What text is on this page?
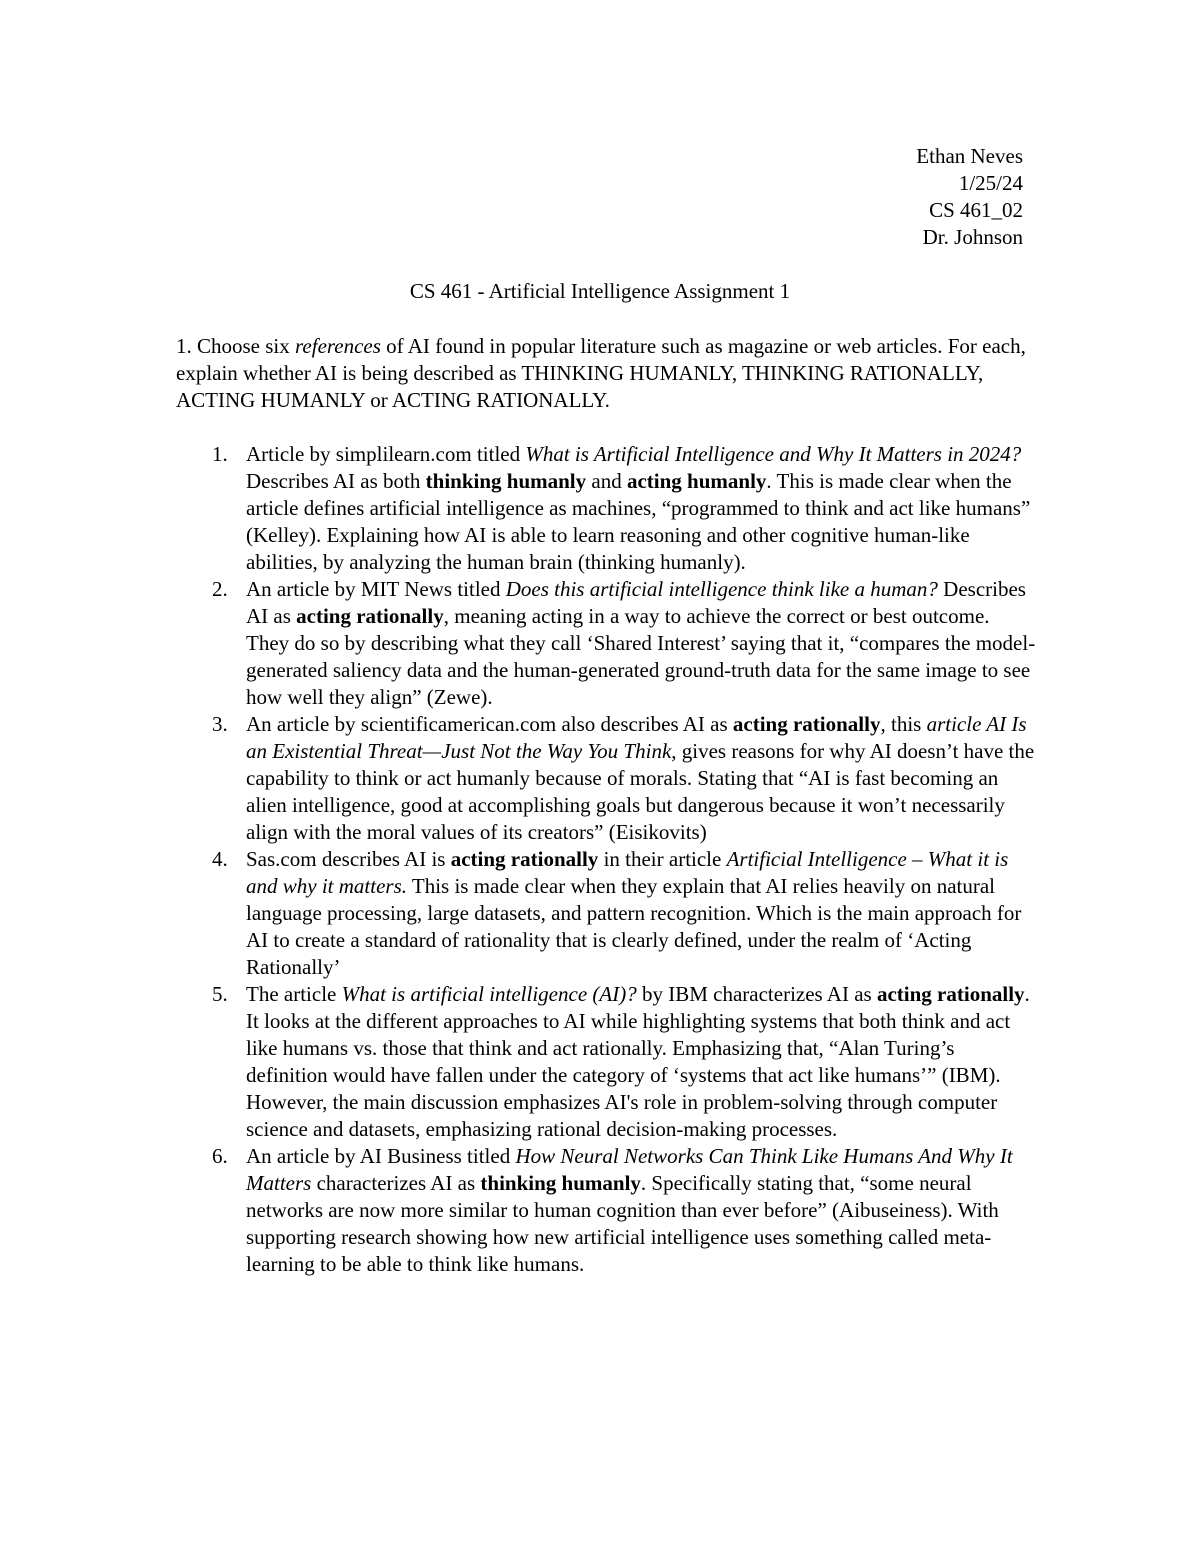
Ethan Neves
1/25/24
CS 461_02
Dr. Johnson
CS 461 - Artificial Intelligence Assignment 1

1. Choose six references of AI found in popular literature such as magazine or web articles. For each, explain whether AI is being described as THINKING HUMANLY, THINKING RATIONALLY, ACTING HUMANLY or ACTING RATIONALLY.

1. Article by simplilearn.com titled What is Artificial Intelligence and Why It Matters in 2024? Describes AI as both thinking humanly and acting humanly. This is made clear when the article defines artificial intelligence as machines, “programmed to think and act like humans” (Kelley). Explaining how AI is able to learn reasoning and other cognitive human-like abilities, by analyzing the human brain (thinking humanly).
2. An article by MIT News titled Does this artificial intelligence think like a human? Describes AI as acting rationally, meaning acting in a way to achieve the correct or best outcome. They do so by describing what they call ‘Shared Interest’ saying that it, “compares the model-generated saliency data and the human-generated ground-truth data for the same image to see how well they align” (Zewe).
3. An article by scientificamerican.com also describes AI as acting rationally, this article AI Is an Existential Threat—Just Not the Way You Think, gives reasons for why AI doesn’t have the capability to think or act humanly because of morals. Stating that “AI is fast becoming an alien intelligence, good at accomplishing goals but dangerous because it won’t necessarily align with the moral values of its creators” (Eisikovits)
4. Sas.com describes AI is acting rationally in their article Artificial Intelligence – What it is and why it matters. This is made clear when they explain that AI relies heavily on natural language processing, large datasets, and pattern recognition. Which is the main approach for AI to create a standard of rationality that is clearly defined, under the realm of ‘Acting Rationally’
5. The article What is artificial intelligence (AI)? by IBM characterizes AI as acting rationally. It looks at the different approaches to AI while highlighting systems that both think and act like humans vs. those that think and act rationally. Emphasizing that, “Alan Turing’s definition would have fallen under the category of ‘systems that act like humans’” (IBM). However, the main discussion emphasizes AI's role in problem-solving through computer science and datasets, emphasizing rational decision-making processes.
6. An article by AI Business titled How Neural Networks Can Think Like Humans And Why It Matters characterizes AI as thinking humanly. Specifically stating that, “some neural networks are now more similar to human cognition than ever before” (Aibuseiness). With supporting research showing how new artificial intelligence uses something called meta-learning to be able to think like humans.
